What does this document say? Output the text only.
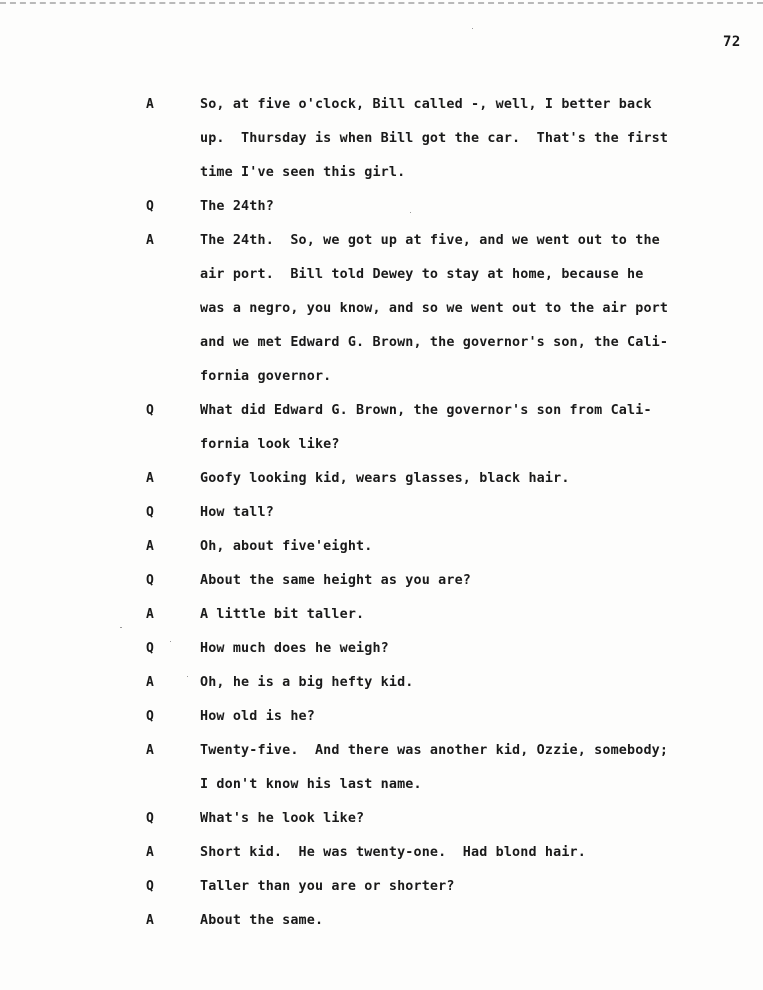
72
A	So, at five o'clock, Bill called -, well, I better back
up.  Thursday is when Bill got the car.  That's the first
time I've seen this girl.
Q	The 24th?
A	The 24th.  So, we got up at five, and we went out to the
air port.  Bill told Dewey to stay at home, because he
was a negro, you know, and so we went out to the air port
and we met Edward G. Brown, the governor's son, the Cali-
fornia governor.
Q	What did Edward G. Brown, the governor's son from Cali-
fornia look like?
A	Goofy looking kid, wears glasses, black hair.
Q	How tall?
A	Oh, about five'eight.
Q	About the same height as you are?
A	A little bit taller.
Q	How much does he weigh?
A	Oh, he is a big hefty kid.
Q	How old is he?
A	Twenty-five.  And there was another kid, Ozzie, somebody;
I don't know his last name.
Q	What's he look like?
A	Short kid.  He was twenty-one.  Had blond hair.
Q	Taller than you are or shorter?
A	About the same.
